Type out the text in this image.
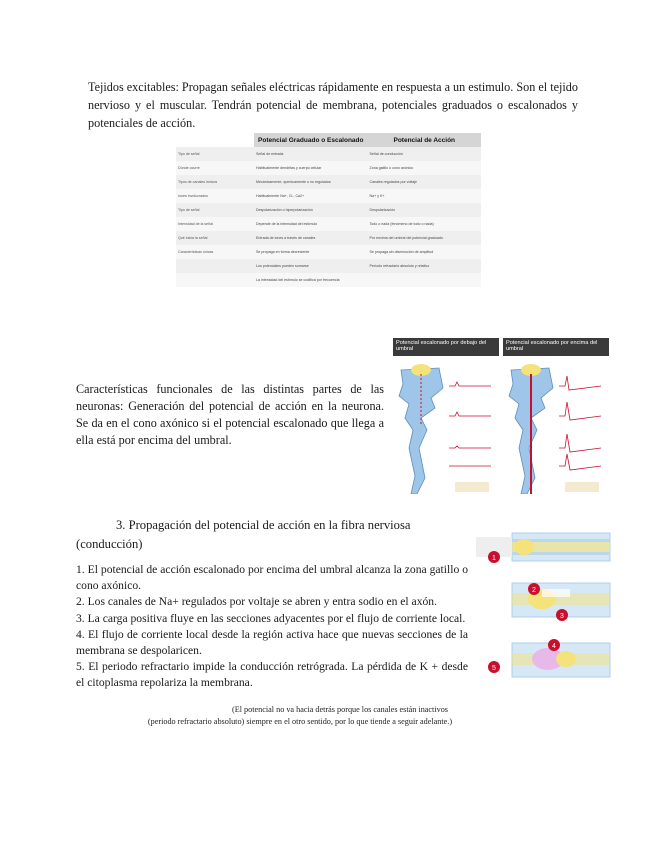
Tejidos excitables: Propagan señales eléctricas rápidamente en respuesta a un estimulo. Son el tejido nervioso y el muscular. Tendrán potencial de membrana, potenciales graduados o escalonados y potenciales de acción.

	Potencial Graduado o Escalonado	Potencial de Acción
Tipo de señal	Señal de entrada	Señal de conducción
Dónde ocurre	Habitualmente dendritas y cuerpo celular	Zona gatillo o cono axónico
Tipos de canales iónicos	Mecánicamente, químicamente o no regulados	Canales regulados por voltaje
Iones involucrados	Habitualmente Na+, Cl-, Ca2+	Na+ y K+
Tipo de señal	Despolarización o hiperpolarización	Despolarización
Intensidad de la señal	Depende de la intensidad del estímulo	Todo o nada (fenómeno de todo o nada)
Qué inicia la señal	Entrada de iones a través de canales	Por encima del umbral del potencial graduado
Características únicas	Se propaga en forma decreciente	Se propaga sin disminución de amplitud
	Los potenciales pueden sumarse	Período refractario absoluto y relativo
	La intensidad del estímulo se codifica por frecuencia	

Características funcionales de las distintas partes de las neuronas: Generación del potencial de acción en la neurona. Se da en el cono axónico si el potencial escalonado que llega a ella está por encima del umbral.

Potencial escalonado por debajo del umbral
Potencial escalonado por encima del umbral

3. Propagación del potencial de acción en la fibra nerviosa (conducción)

1. El potencial de acción escalonado por encima del umbral alcanza la zona gatillo o cono axónico.

2. Los canales de Na+ regulados por voltaje se abren y entra sodio en el axón.

3. La carga positiva fluye en las secciones adyacentes por el flujo de corriente local.

4. El flujo de corriente local desde la región activa hace que nuevas secciones de la membrana se despolaricen.

5. El periodo refractario impide la conducción retrógrada. La pérdida de K + desde el citoplasma repolariza la membrana.

(El potencial no va hacia detrás porque los canales están inactivos
(periodo refractario absoluto) siempre en el otro sentido, por lo que tiende a seguir adelante.)
1
2
3
4
5
